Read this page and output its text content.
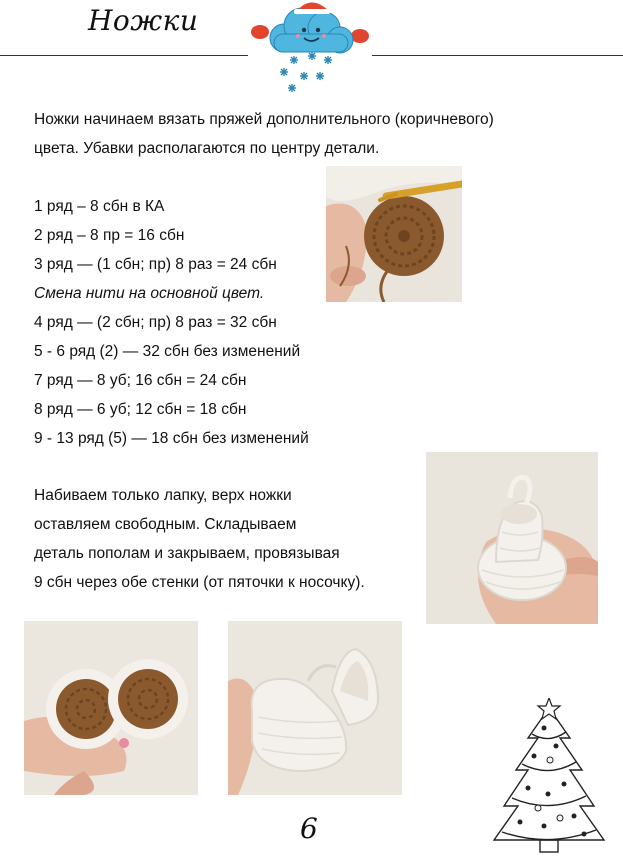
Ножки
Ножки начинаем вязать пряжей дополнительного (коричневого)
цвета. Убавки располагаются по центру детали.
1 ряд – 8 сбн в КА
2 ряд – 8 пр = 16 сбн
3 ряд — (1 сбн; пр) 8 раз = 24 сбн
Смена нити на основной цвет.
4 ряд — (2 сбн; пр) 8 раз = 32 сбн
5 - 6 ряд (2) — 32 сбн без изменений
7 ряд — 8 уб; 16 сбн = 24 сбн
8 ряд — 6 уб; 12 сбн = 18 сбн
9 - 13 ряд (5) — 18 сбн без изменений
Набиваем только лапку, верх ножки
оставляем свободным. Складываем
деталь пополам и закрываем, провязывая
9 сбн через обе стенки (от пяточки к носочку).
6
